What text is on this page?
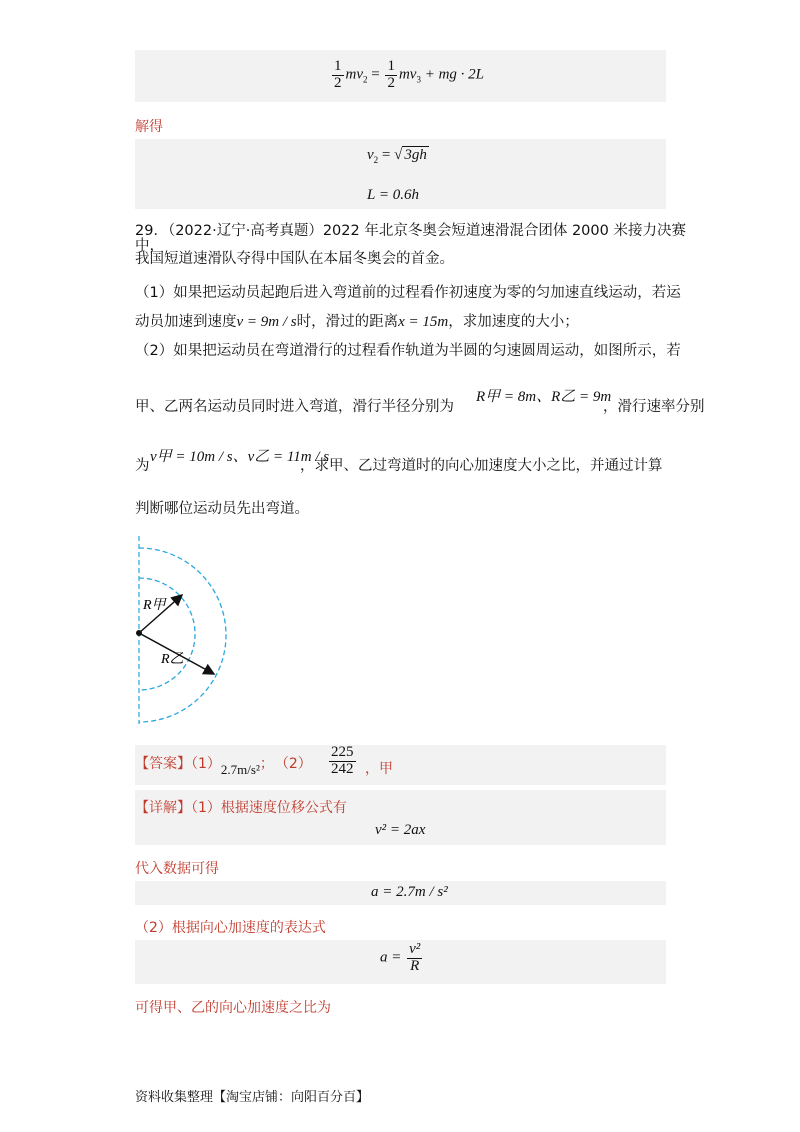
$\frac{1}{2} mv_2 = \frac{1}{2} mv_3$ + mg · 2L
解得
$v_2$ = √ 3gh
L = 0.6h
29．（2022·辽宁·高考真题）2022 年北京冬奥会短道速滑混合团体 2000 米接力决赛中，
我国短道速滑队夺得中国队在本届冬奥会的首金。
（1）如果把运动员起跑后进入弯道前的过程看作初速度为零的匀加速直线运动，若运
动员加速到速度v = 9m / s时，滑过的距离x = 15m，求加速度的大小；
（2）如果把运动员在弯道滑行的过程看作轨道为半圆的匀速圆周运动，如图所示，若
甲、乙两名运动员同时进入弯道，滑行半径分别为
R甲 = 8m、R乙 = 9m
，滑行速率分别
为
v甲 = 10m / s、v乙 = 11m / s
，求甲、乙过弯道时的向心加速度大小之比，并通过计算
判断哪位运动员先出弯道。
R甲
R乙
【答案】$(1)_{2.7m/s^2}$； $(2) \frac{225}{242}$ ，甲
【详解】（1）根据速度位移公式有
v² = 2ax
代入数据可得
a = 2.7m / s²
（2）根据向心加速度的表达式
$a = \frac{\text{v²}}{R}$
可得甲、乙的向心加速度之比为
资料收集整理【淘宝店铺：向阳百分百】
